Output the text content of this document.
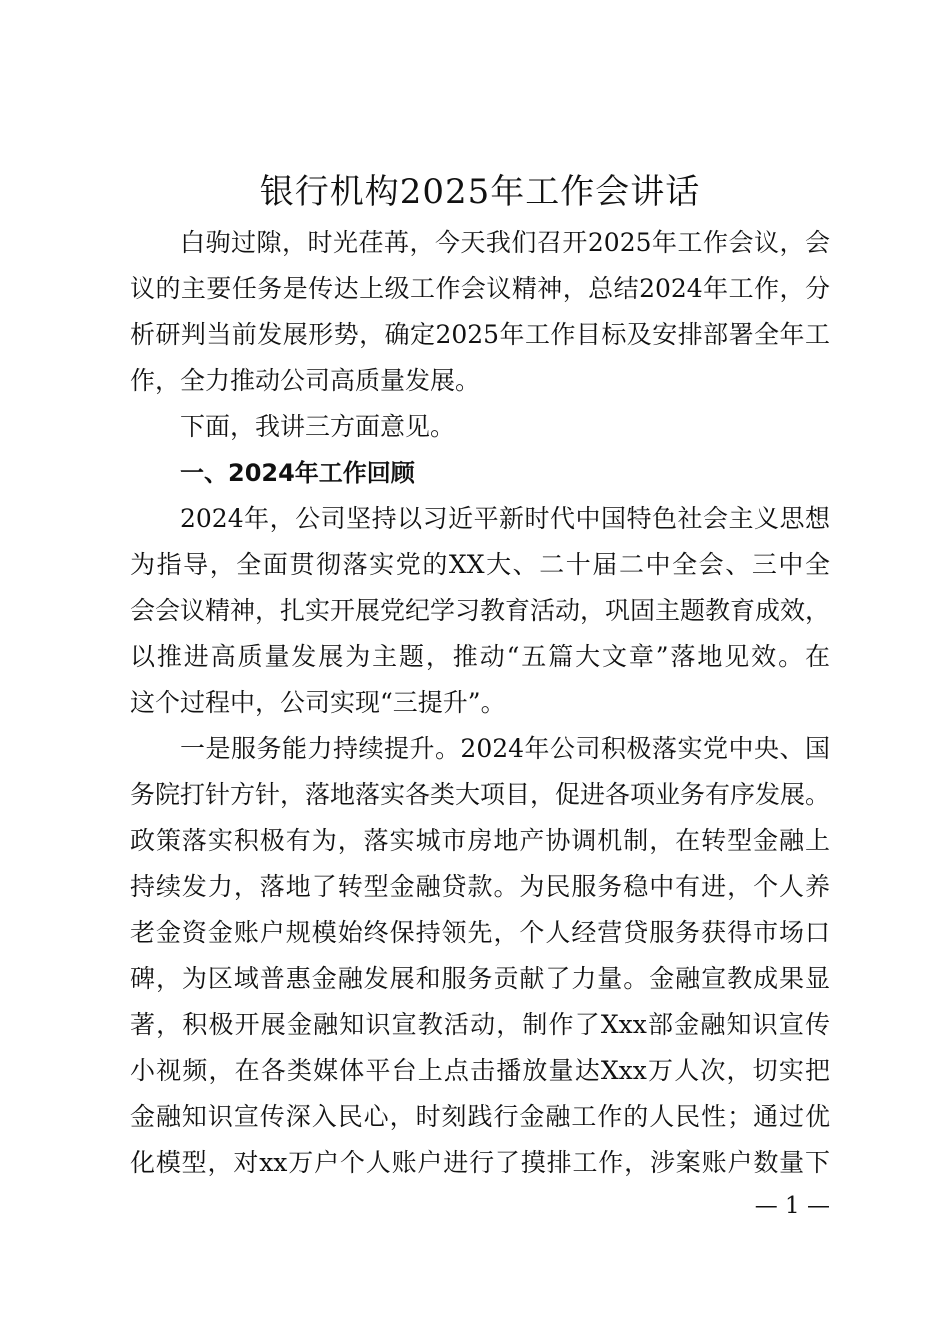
银行机构2025年工作会讲话
白驹过隙，时光荏苒，今天我们召开2025年工作会议，会
议的主要任务是传达上级工作会议精神，总结2024年工作，分
析研判当前发展形势，确定2025年工作目标及安排部署全年工
作，全力推动公司高质量发展。
下面，我讲三方面意见。
一、2024年工作回顾
2024年，公司坚持以习近平新时代中国特色社会主义思想
为指导，全面贯彻落实党的XX大、二十届二中全会、三中全
会会议精神，扎实开展党纪学习教育活动，巩固主题教育成效，
以推进高质量发展为主题，推动“五篇大文章”落地见效。在
这个过程中，公司实现“三提升”。
一是服务能力持续提升。2024年公司积极落实党中央、国
务院打针方针，落地落实各类大项目，促进各项业务有序发展。
政策落实积极有为，落实城市房地产协调机制，在转型金融上
持续发力，落地了转型金融贷款。为民服务稳中有进，个人养
老金资金账户规模始终保持领先，个人经营贷服务获得市场口
碑，为区域普惠金融发展和服务贡献了力量。金融宣教成果显
著，积极开展金融知识宣教活动，制作了Xxx部金融知识宣传
小视频，在各类媒体平台上点击播放量达Xxx万人次，切实把
金融知识宣传深入民心，时刻践行金融工作的人民性；通过优
化模型，对xx万户个人账户进行了摸排工作，涉案账户数量下
— 1 —
